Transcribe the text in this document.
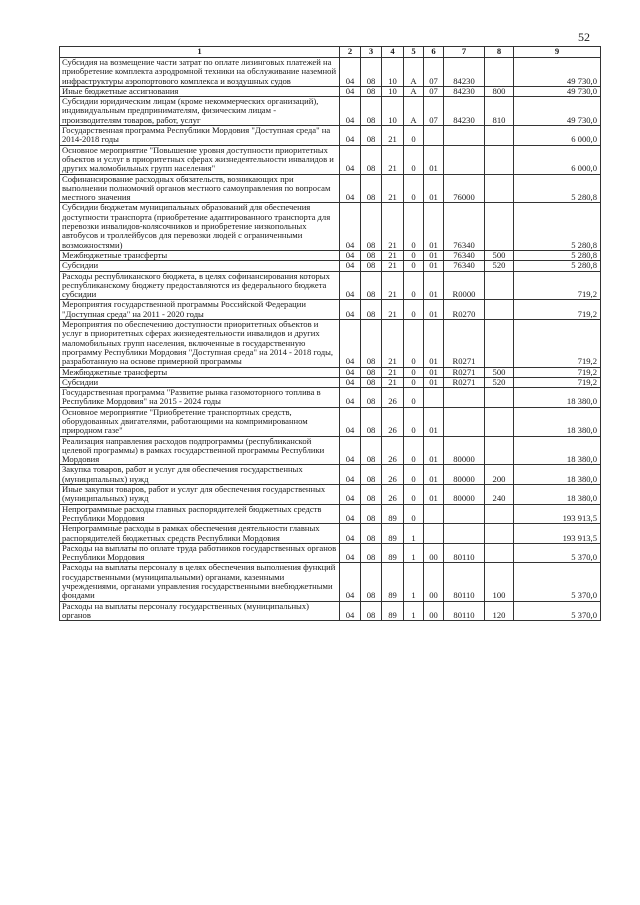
52
1	2	3	4	5	6	7	8	9
Субсидия на возмещение части затрат по оплате лизинговых платежей на приобретение комплекта аэродромной техники на обслуживание наземной инфраструктуры аэропортового комплекса и воздушных судов	04	08	10	А	07	84230		49 730,0
Иные бюджетные ассигнования	04	08	10	А	07	84230	800	49 730,0
Субсидии юридическим лицам (кроме некоммерческих организаций), индивидуальным предпринимателям, физическим лицам - производителям товаров, работ, услуг	04	08	10	А	07	84230	810	49 730,0
Государственная программа Республики Мордовия "Доступная среда" на 2014-2018 годы	04	08	21	0				6 000,0
Основное мероприятие "Повышение уровня доступности приоритетных объектов и услуг в приоритетных сферах жизнедеятельности инвалидов и других маломобильных групп населения"	04	08	21	0	01			6 000,0
Софинансирование расходных обязательств, возникающих при выполнении полномочий органов местного самоуправления по вопросам местного значения	04	08	21	0	01	76000		5 280,8
Субсидии бюджетам муниципальных образований для обеспечения доступности транспорта (приобретение адаптированного транспорта для перевозки инвалидов-колясочников и приобретение низкопольных автобусов и троллейбусов для перевозки людей с ограниченными возможностями)	04	08	21	0	01	76340		5 280,8
Межбюджетные трансферты	04	08	21	0	01	76340	500	5 280,8
Субсидии	04	08	21	0	01	76340	520	5 280,8
Расходы республиканского бюджета, в целях софинансирования которых республиканскому бюджету предоставляются из федерального бюджета субсидии	04	08	21	0	01	R0000		719,2
Мероприятия государственной программы Российской Федерации "Доступная среда" на 2011 - 2020 годы	04	08	21	0	01	R0270		719,2
Мероприятия по обеспечению доступности приоритетных объектов и услуг в приоритетных сферах жизнедеятельности инвалидов и других маломобильных групп населения, включенные в государственную программу Республики Мордовия "Доступная среда" на 2014 - 2018 годы, разработанную на основе примерной программы	04	08	21	0	01	R0271		719,2
Межбюджетные трансферты	04	08	21	0	01	R0271	500	719,2
Субсидии	04	08	21	0	01	R0271	520	719,2
Государственная программа "Развитие рынка газомоторного топлива в Республике Мордовия" на 2015 - 2024 годы	04	08	26	0				18 380,0
Основное мероприятие "Приобретение транспортных средств, оборудованных двигателями, работающими на компримированном природном газе"	04	08	26	0	01			18 380,0
Реализация направления расходов подпрограммы (республиканской целевой программы) в рамках государственной программы Республики Мордовия	04	08	26	0	01	80000		18 380,0
Закупка товаров, работ и услуг для обеспечения государственных (муниципальных) нужд	04	08	26	0	01	80000	200	18 380,0
Иные закупки товаров, работ и услуг для обеспечения государственных (муниципальных) нужд	04	08	26	0	01	80000	240	18 380,0
Непрограммные расходы главных распорядителей бюджетных средств Республики Мордовия	04	08	89	0				193 913,5
Непрограммные расходы в рамках обеспечения деятельности главных распорядителей бюджетных средств Республики Мордовия	04	08	89	1				193 913,5
Расходы на выплаты по оплате труда работников государственных органов Республики Мордовия	04	08	89	1	00	80110		5 370,0
Расходы на выплаты персоналу в целях обеспечения выполнения функций государственными (муниципальными) органами, казенными учреждениями, органами управления государственными внебюджетными фондами	04	08	89	1	00	80110	100	5 370,0
Расходы на выплаты персоналу государственных (муниципальных) органов	04	08	89	1	00	80110	120	5 370,0
